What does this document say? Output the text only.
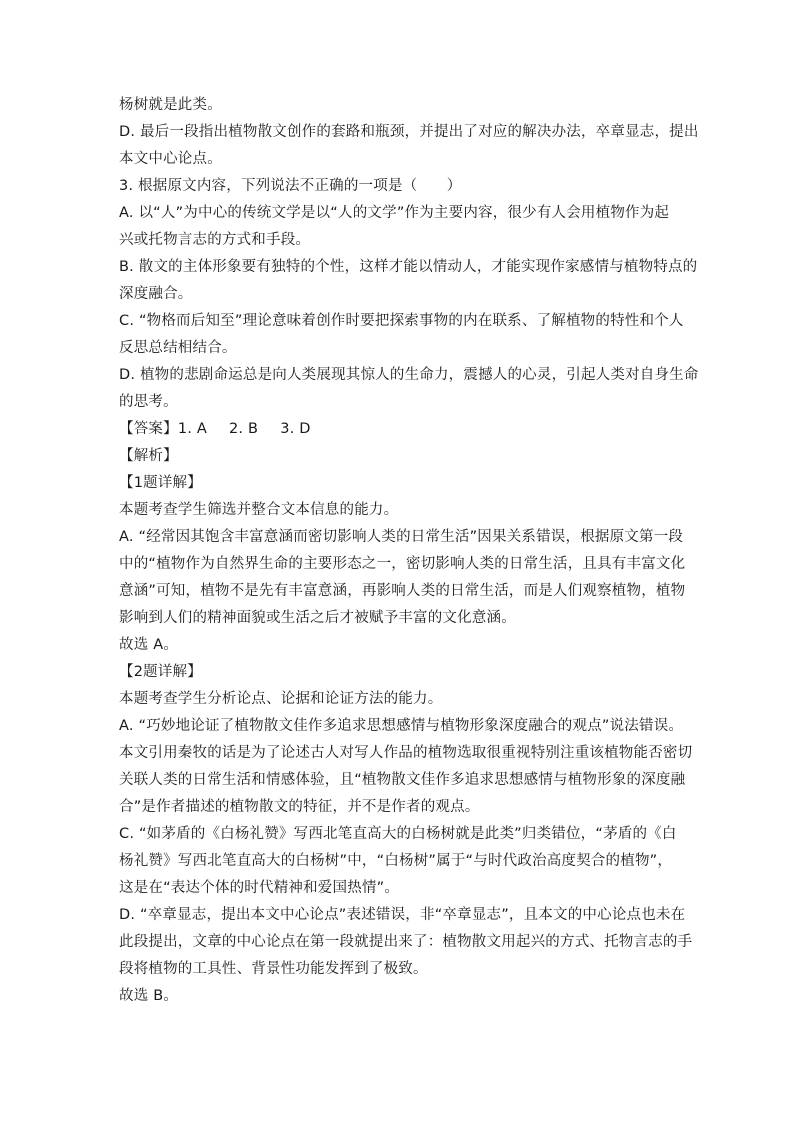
杨树就是此类。
D. 最后一段指出植物散文创作的套路和瓶颈，并提出了对应的解决办法，卒章显志，提出
本文中心论点。
3. 根据原文内容，下列说法不正确的一项是（　　）
A. 以“人”为中心的传统文学是以“人的文学”作为主要内容，很少有人会用植物作为起
兴或托物言志的方式和手段。
B. 散文的主体形象要有独特的个性，这样才能以情动人，才能实现作家感情与植物特点的
深度融合。
C. “物格而后知至”理论意味着创作时要把探索事物的内在联系、了解植物的特性和个人
反思总结相结合。
D. 植物的悲剧命运总是向人类展现其惊人的生命力，震撼人的心灵，引起人类对自身生命
的思考。
【答案】1. A 2. B 3. D
【解析】
【1题详解】
本题考查学生筛选并整合文本信息的能力。
A. “经常因其饱含丰富意涵而密切影响人类的日常生活”因果关系错误，根据原文第一段
中的“植物作为自然界生命的主要形态之一，密切影响人类的日常生活，且具有丰富文化
意涵”可知，植物不是先有丰富意涵，再影响人类的日常生活，而是人们观察植物，植物
影响到人们的精神面貌或生活之后才被赋予丰富的文化意涵。
故选 A。
【2题详解】
本题考查学生分析论点、论据和论证方法的能力。
A. “巧妙地论证了植物散文佳作多追求思想感情与植物形象深度融合的观点”说法错误。
本文引用秦牧的话是为了论述古人对写人作品的植物选取很重视特别注重该植物能否密切
关联人类的日常生活和情感体验，且“植物散文佳作多追求思想感情与植物形象的深度融
合”是作者描述的植物散文的特征，并不是作者的观点。
C. “如茅盾的《白杨礼赞》写西北笔直高大的白杨树就是此类”归类错位，“茅盾的《白
杨礼赞》写西北笔直高大的白杨树”中，“白杨树”属于“与时代政治高度契合的植物”，
这是在“表达个体的时代精神和爱国热情”。
D. “卒章显志，提出本文中心论点”表述错误，非“卒章显志”，且本文的中心论点也未在
此段提出，文章的中心论点在第一段就提出来了：植物散文用起兴的方式、托物言志的手
段将植物的工具性、背景性功能发挥到了极致。
故选 B。
